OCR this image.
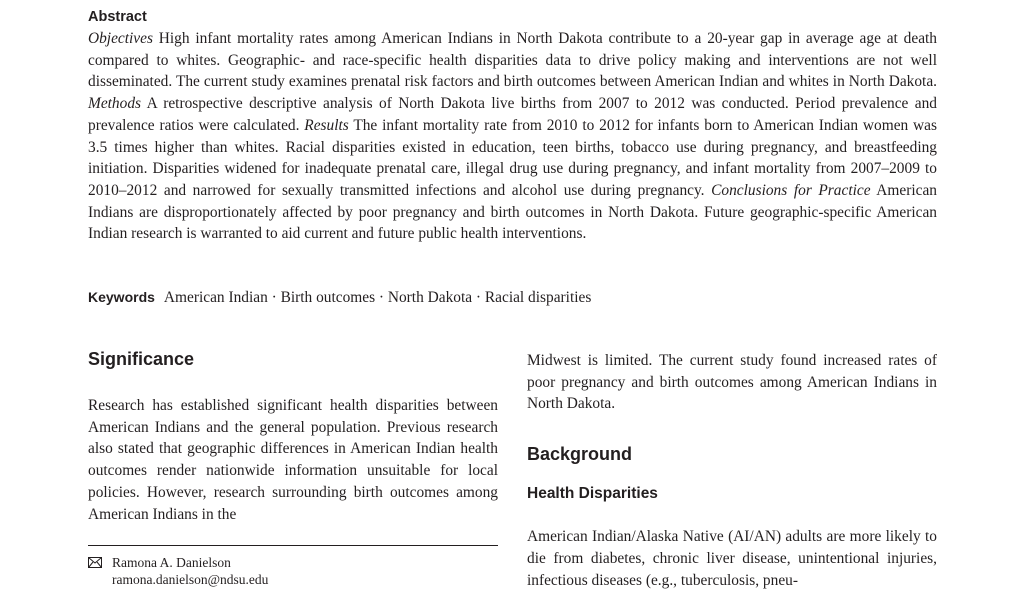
Abstract
Objectives High infant mortality rates among American Indians in North Dakota contribute to a 20-year gap in average age at death compared to whites. Geographic- and race-specific health disparities data to drive policy making and interventions are not well disseminated. The current study examines prenatal risk factors and birth outcomes between American Indian and whites in North Dakota. Methods A retrospective descriptive analysis of North Dakota live births from 2007 to 2012 was conducted. Period prevalence and prevalence ratios were calculated. Results The infant mortality rate from 2010 to 2012 for infants born to American Indian women was 3.5 times higher than whites. Racial disparities existed in education, teen births, tobacco use during pregnancy, and breastfeeding initiation. Disparities widened for inadequate prenatal care, illegal drug use during pregnancy, and infant mortality from 2007–2009 to 2010–2012 and narrowed for sexually transmitted infections and alcohol use during pregnancy. Conclusions for Practice American Indians are disproportionately affected by poor pregnancy and birth outcomes in North Dakota. Future geographic-specific American Indian research is warranted to aid current and future public health interventions.
Keywords American Indian · Birth outcomes · North Dakota · Racial disparities
Significance

Research has established significant health disparities between American Indians and the general population. Previous research also stated that geographic differences in American Indian health outcomes render nationwide information unsuitable for local policies. However, research surrounding birth outcomes among American Indians in the

Midwest is limited. The current study found increased rates of poor pregnancy and birth outcomes among American Indians in North Dakota.

Background
Health Disparities

American Indian/Alaska Native (AI/AN) adults are more likely to die from diabetes, chronic liver disease, unintentional injuries, infectious diseases (e.g., tuberculosis, pneu-

Ramona A. Danielson
ramona.danielson@ndsu.edu
